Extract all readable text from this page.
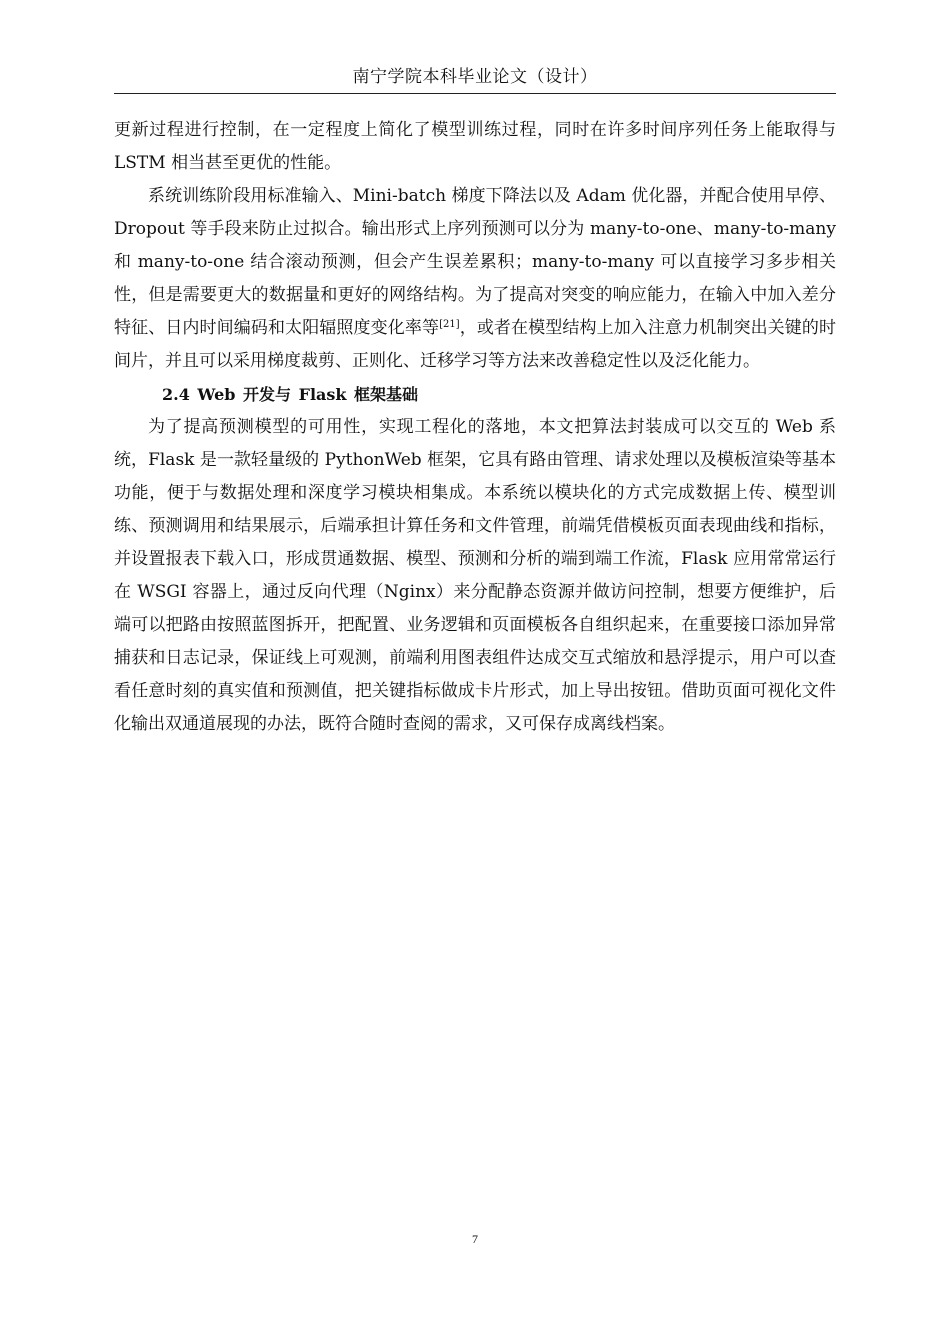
南宁学院本科毕业论文（设计）

更新过程进行控制，在一定程度上简化了模型训练过程，同时在许多时间序列任务上能取得与 LSTM 相当甚至更优的性能。

系统训练阶段用标准输入、Mini-batch 梯度下降法以及 Adam 优化器，并配合使用早停、Dropout 等手段来防止过拟合。输出形式上序列预测可以分为 many-to-one、many-to-many 和 many-to-one 结合滚动预测，但会产生误差累积；many-to-many 可以直接学习多步相关性，但是需要更大的数据量和更好的网络结构。为了提高对突变的响应能力，在输入中加入差分特征、日内时间编码和太阳辐照度变化率等[21]，或者在模型结构上加入注意力机制突出关键的时间片，并且可以采用梯度裁剪、正则化、迁移学习等方法来改善稳定性以及泛化能力。

2.4 Web 开发与 Flask 框架基础

为了提高预测模型的可用性，实现工程化的落地，本文把算法封装成可以交互的 Web 系统，Flask 是一款轻量级的 PythonWeb 框架，它具有路由管理、请求处理以及模板渲染等基本功能，便于与数据处理和深度学习模块相集成。本系统以模块化的方式完成数据上传、模型训练、预测调用和结果展示，后端承担计算任务和文件管理，前端凭借模板页面表现曲线和指标，并设置报表下载入口，形成贯通数据、模型、预测和分析的端到端工作流，Flask 应用常常运行在 WSGI 容器上，通过反向代理（Nginx）来分配静态资源并做访问控制，想要方便维护，后端可以把路由按照蓝图拆开，把配置、业务逻辑和页面模板各自组织起来，在重要接口添加异常捕获和日志记录，保证线上可观测，前端利用图表组件达成交互式缩放和悬浮提示，用户可以查看任意时刻的真实值和预测值，把关键指标做成卡片形式，加上导出按钮。借助页面可视化文件化输出双通道展现的办法，既符合随时查阅的需求，又可保存成离线档案。

7
